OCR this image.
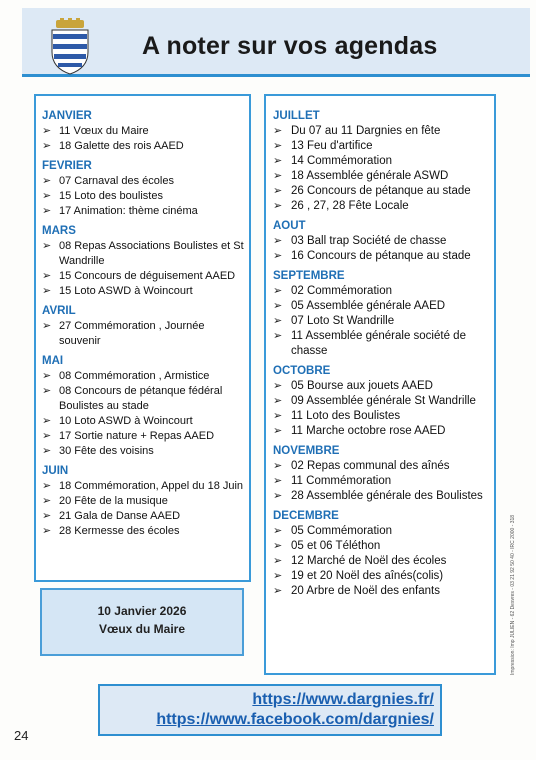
A noter sur vos agendas
JANVIER
➢ 11 Vœux du Maire
➢ 18 Galette des rois AAED
FEVRIER
➢ 07 Carnaval des écoles
➢ 15 Loto des boulistes
➢ 17 Animation: thème cinéma
MARS
➢ 08 Repas Associations Boulistes et St Wandrille
➢ 15 Concours de déguisement AAED
➢ 15 Loto ASWD à Woincourt
AVRIL
➢ 27 Commémoration , Journée souvenir
MAI
➢ 08 Commémoration , Armistice
➢ 08 Concours de pétanque fédéral Boulistes au stade
➢ 10 Loto ASWD à Woincourt
➢ 17 Sortie nature + Repas AAED
➢ 30 Fête des voisins
JUIN
➢ 18 Commémoration, Appel du 18 Juin
➢ 20 Fête de la musique
➢ 21 Gala de Danse AAED
➢ 28 Kermesse des écoles
JUILLET
➢ Du 07 au 11 Dargnies en fête
➢ 13 Feu d'artifice
➢ 14 Commémoration
➢ 18 Assemblée générale ASWD
➢ 26 Concours de pétanque au stade
➢ 26 , 27, 28 Fête Locale
AOUT
➢ 03 Ball trap Société de chasse
➢ 16 Concours de pétanque au stade
SEPTEMBRE
➢ 02 Commémoration
➢ 05 Assemblée générale AAED
➢ 07 Loto St Wandrille
➢ 11 Assemblée générale société de chasse
OCTOBRE
➢ 05 Bourse aux jouets AAED
➢ 09 Assemblée générale St Wandrille
➢ 11 Loto des Boulistes
➢ 11 Marche octobre rose AAED
NOVEMBRE
➢ 02 Repas communal des aînés
➢ 11 Commémoration
➢ 28 Assemblée générale des Boulistes
DECEMBRE
➢ 05 Commémoration
➢ 05 et 06 Téléthon
➢ 12 Marché de Noël des écoles
➢ 19 et 20 Noël des aînés(colis)
➢ 20 Arbre de Noël des enfants
10 Janvier 2026
Vœux du Maire	Impression: Imp JULIEN - 62 Desvres - 03 21 92 50 40 - IRC 2000 - 318
https://www.dargnies.fr/
https://www.facebook.com/dargnies/
24
